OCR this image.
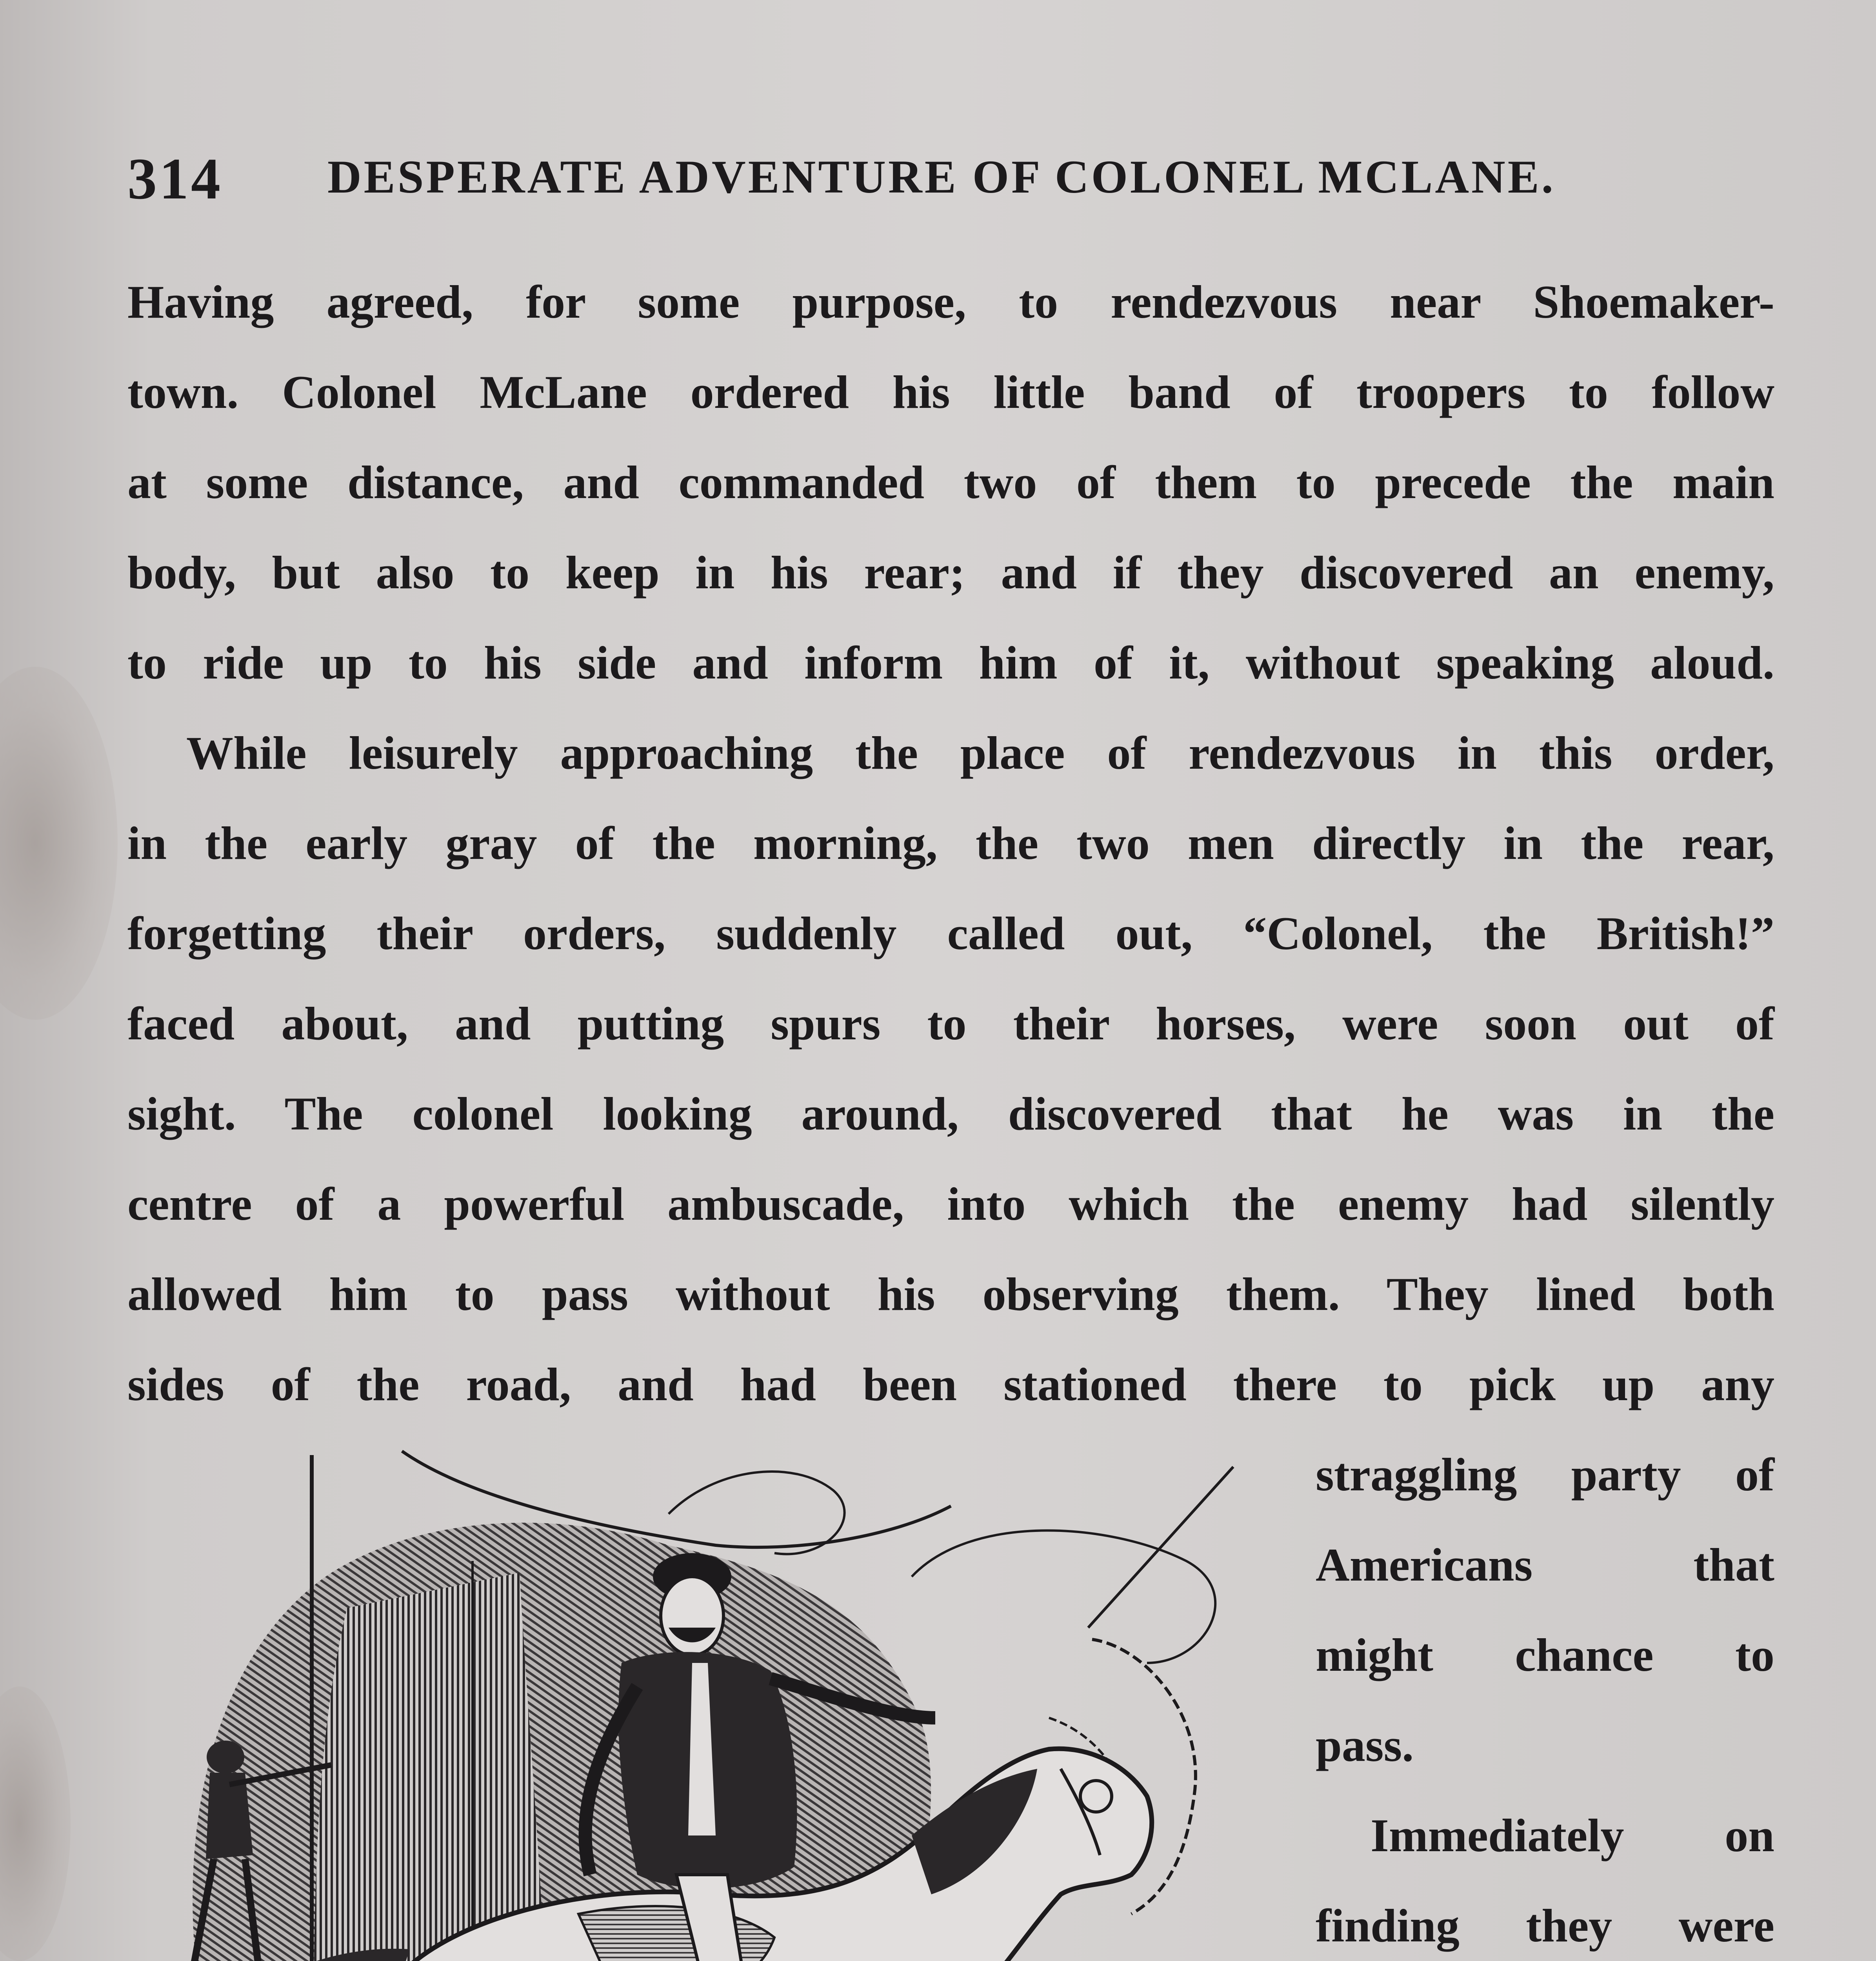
314 DESPERATE ADVENTURE OF COLONEL MCLANE.
Having agreed, for some purpose, to rendezvous near Shoemaker-
town. Colonel McLane ordered his little band of troopers to follow
at some distance, and commanded two of them to precede the main
body, but also to keep in his rear; and if they discovered an enemy,
to ride up to his side and inform him of it, without speaking aloud.
While leisurely approaching the place of rendezvous in this order,
in the early gray of the morning, the two men directly in the rear,
forgetting their orders, suddenly called out, “Colonel, the British!”
faced about, and putting spurs to their horses, were soon out of
sight. The colonel looking around, discovered that he was in the
centre of a powerful ambuscade, into which the enemy had silently
allowed him to pass without his observing them. They lined both
sides of the road, and had been stationed there to pick up any
straggling party of
Americans that
might chance to
pass.
Immediately on
finding they were
